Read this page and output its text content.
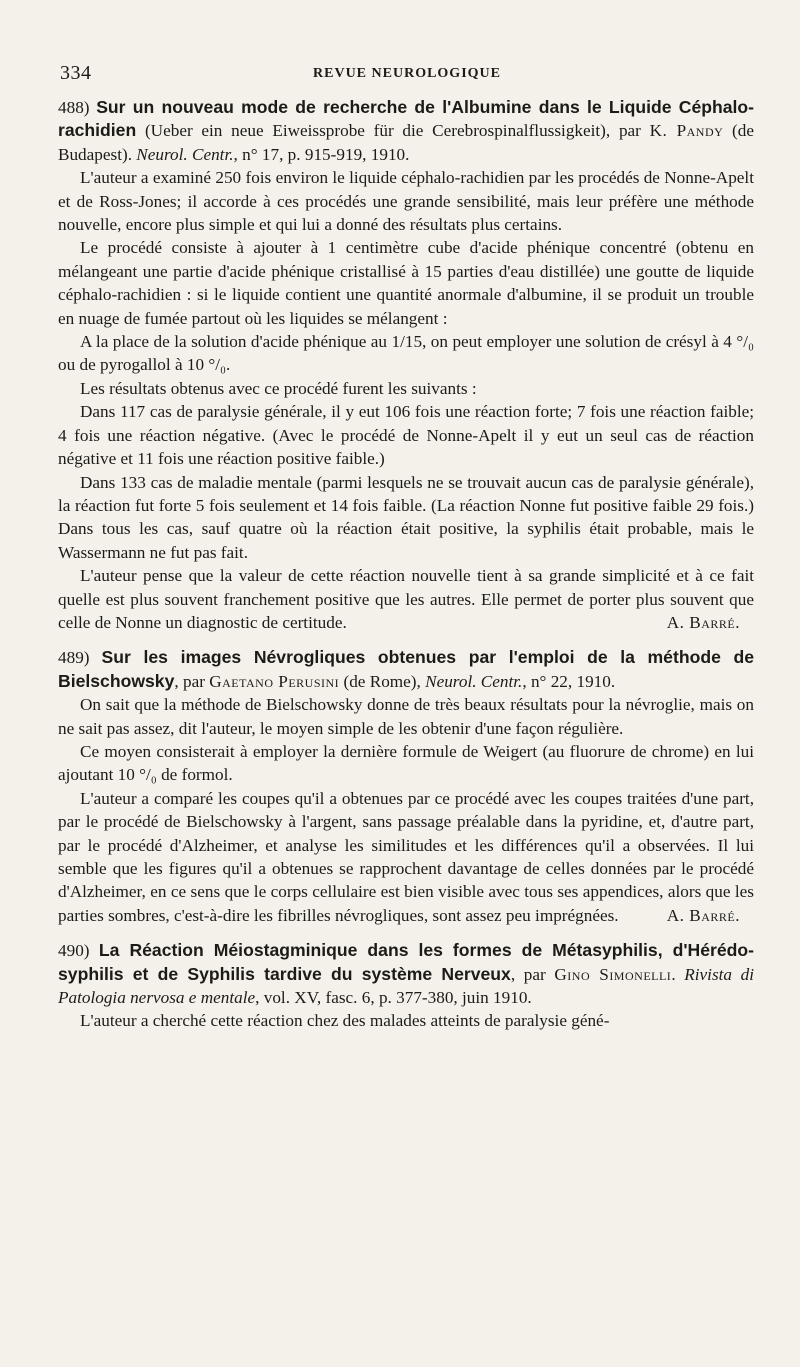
334	REVUE NEUROLOGIQUE

488) Sur un nouveau mode de recherche de l'Albumine dans le Liquide Céphalo-rachidien (Ueber ein neue Eiweissprobe für die Cerebrospinalflussigkeit), par K. Pandy (de Budapest). Neurol. Centr., n° 17, p. 915-919, 1910.

L'auteur a examiné 250 fois environ le liquide céphalo-rachidien par les procédés de Nonne-Apelt et de Ross-Jones; il accorde à ces procédés une grande sensibilité, mais leur préfère une méthode nouvelle, encore plus simple et qui lui a donné des résultats plus certains.

Le procédé consiste à ajouter à 1 centimètre cube d'acide phénique concentré (obtenu en mélangeant une partie d'acide phénique cristallisé à 15 parties d'eau distillée) une goutte de liquide céphalo-rachidien : si le liquide contient une quantité anormale d'albumine, il se produit un trouble en nuage de fumée partout où les liquides se mélangent :

A la place de la solution d'acide phénique au 1/15, on peut employer une solution de crésyl à 4 °/₀ ou de pyrogallol à 10 °/₀.

Les résultats obtenus avec ce procédé furent les suivants :

Dans 117 cas de paralysie générale, il y eut 106 fois une réaction forte; 7 fois une réaction faible; 4 fois une réaction négative. (Avec le procédé de Nonne-Apelt il y eut un seul cas de réaction négative et 11 fois une réaction positive faible.)

Dans 133 cas de maladie mentale (parmi lesquels ne se trouvait aucun cas de paralysie générale), la réaction fut forte 5 fois seulement et 14 fois faible. (La réaction Nonne fut positive faible 29 fois.) Dans tous les cas, sauf quatre où la réaction était positive, la syphilis était probable, mais le Wassermann ne fut pas fait.

L'auteur pense que la valeur de cette réaction nouvelle tient à sa grande simplicité et à ce fait quelle est plus souvent franchement positive que les autres. Elle permet de porter plus souvent que celle de Nonne un diagnostic de certitude.	A. Barré.

489) Sur les images Névrogliques obtenues par l'emploi de la méthode de Bielschowsky, par Gaetano Perusini (de Rome), Neurol. Centr., n° 22, 1910.

On sait que la méthode de Bielschowsky donne de très beaux résultats pour la névroglie, mais on ne sait pas assez, dit l'auteur, le moyen simple de les obtenir d'une façon régulière.

Ce moyen consisterait à employer la dernière formule de Weigert (au fluorure de chrome) en lui ajoutant 10 °/₀ de formol.

L'auteur a comparé les coupes qu'il a obtenues par ce procédé avec les coupes traitées d'une part, par le procédé de Bielschowsky à l'argent, sans passage préalable dans la pyridine, et, d'autre part, par le procédé d'Alzheimer, et analyse les similitudes et les différences qu'il a observées. Il lui semble que les figures qu'il a obtenues se rapprochent davantage de celles données par le procédé d'Alzheimer, en ce sens que le corps cellulaire est bien visible avec tous ses appendices, alors que les parties sombres, c'est-à-dire les fibrilles névrogliques, sont assez peu imprégnées.	A. Barré.

490) La Réaction Méiostagminique dans les formes de Métasyphilis, d'Hérédo-syphilis et de Syphilis tardive du système Nerveux, par Gino Simonelli. Rivista di Patologia nervosa e mentale, vol. XV, fasc. 6, p. 377-380, juin 1910.

L'auteur a cherché cette réaction chez des malades atteints de paralysie géné-
